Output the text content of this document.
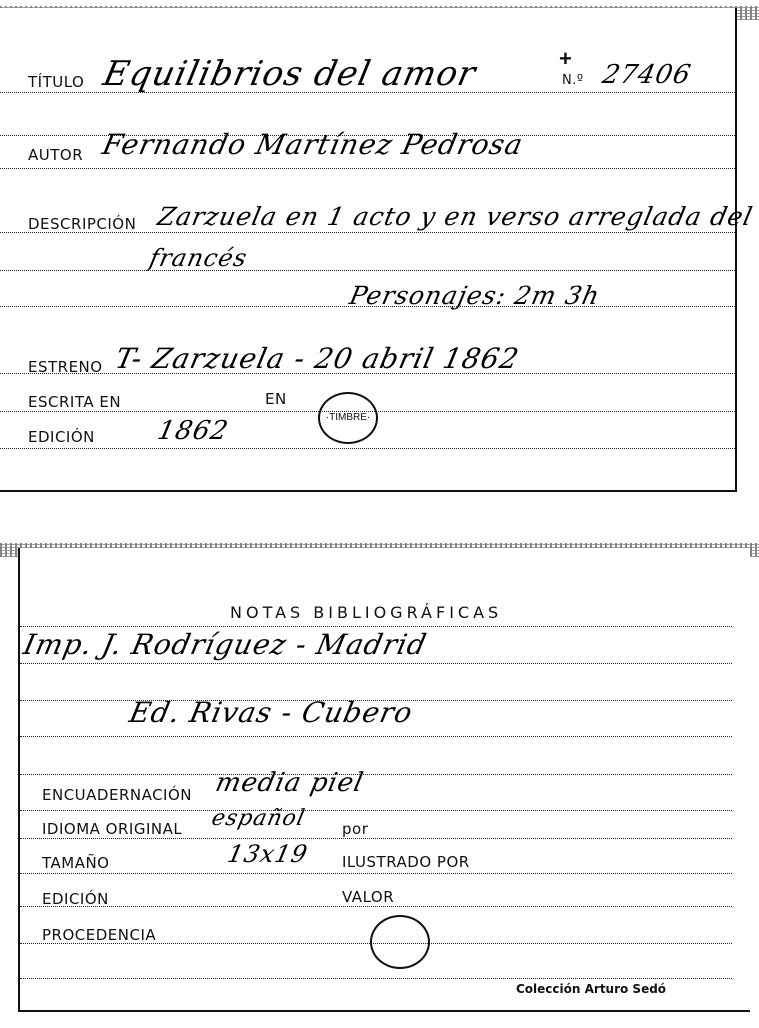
TÍTULO Equilibrios del amor	+
N.º 27406
AUTOR Fernando Martínez Pedrosa
DESCRIPCIÓN Zarzuela en 1 acto y en verso arreglada del
francés
Personajes: 2m 3h
ESTRENO T- Zarzuela - 20 abril 1862
ESCRITA EN	EN
·TIMBRE·
EDICIÓN 1862
NOTAS BIBLIOGRÁFICAS
Imp. J. Rodríguez - Madrid
Ed. Rivas - Cubero
ENCUADERNACIÓN media piel
IDIOMA ORIGINAL español por
TAMAÑO	13x19 ILUSTRADO POR
EDICIÓN	VALOR
PROCEDENCIA
Colección Arturo Sedó
